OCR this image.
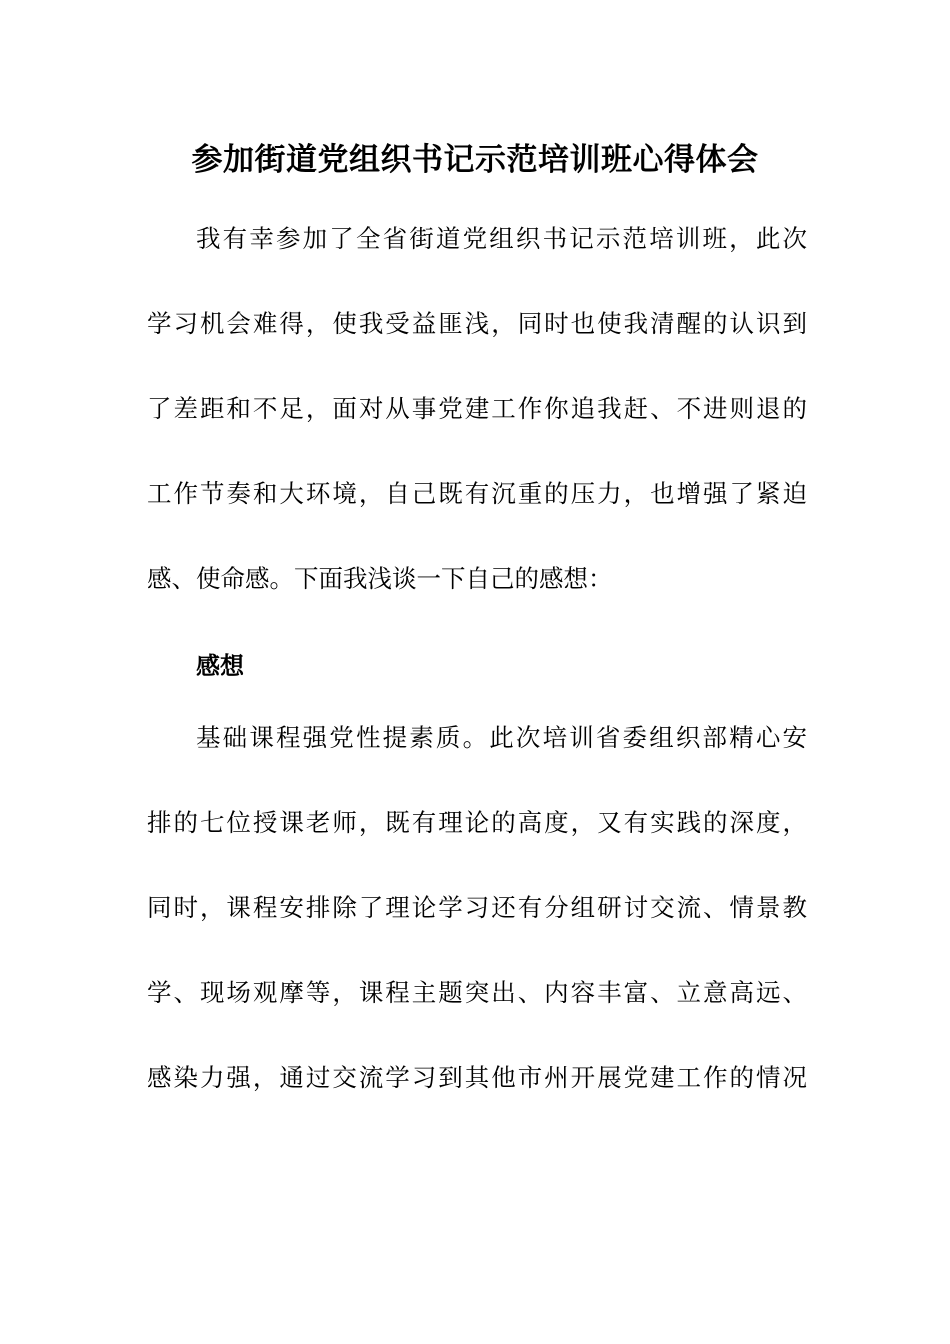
参加街道党组织书记示范培训班心得体会
我有幸参加了全省街道党组织书记示范培训班，此次
学习机会难得，使我受益匪浅，同时也使我清醒的认识到
了差距和不足，面对从事党建工作你追我赶、不进则退的
工作节奏和大环境，自己既有沉重的压力，也增强了紧迫
感、使命感。下面我浅谈一下自己的感想：
感想
基础课程强党性提素质。此次培训省委组织部精心安
排的七位授课老师，既有理论的高度，又有实践的深度，
同时，课程安排除了理论学习还有分组研讨交流、情景教
学、现场观摩等，课程主题突出、内容丰富、立意高远、
感染力强，通过交流学习到其他市州开展党建工作的情况
